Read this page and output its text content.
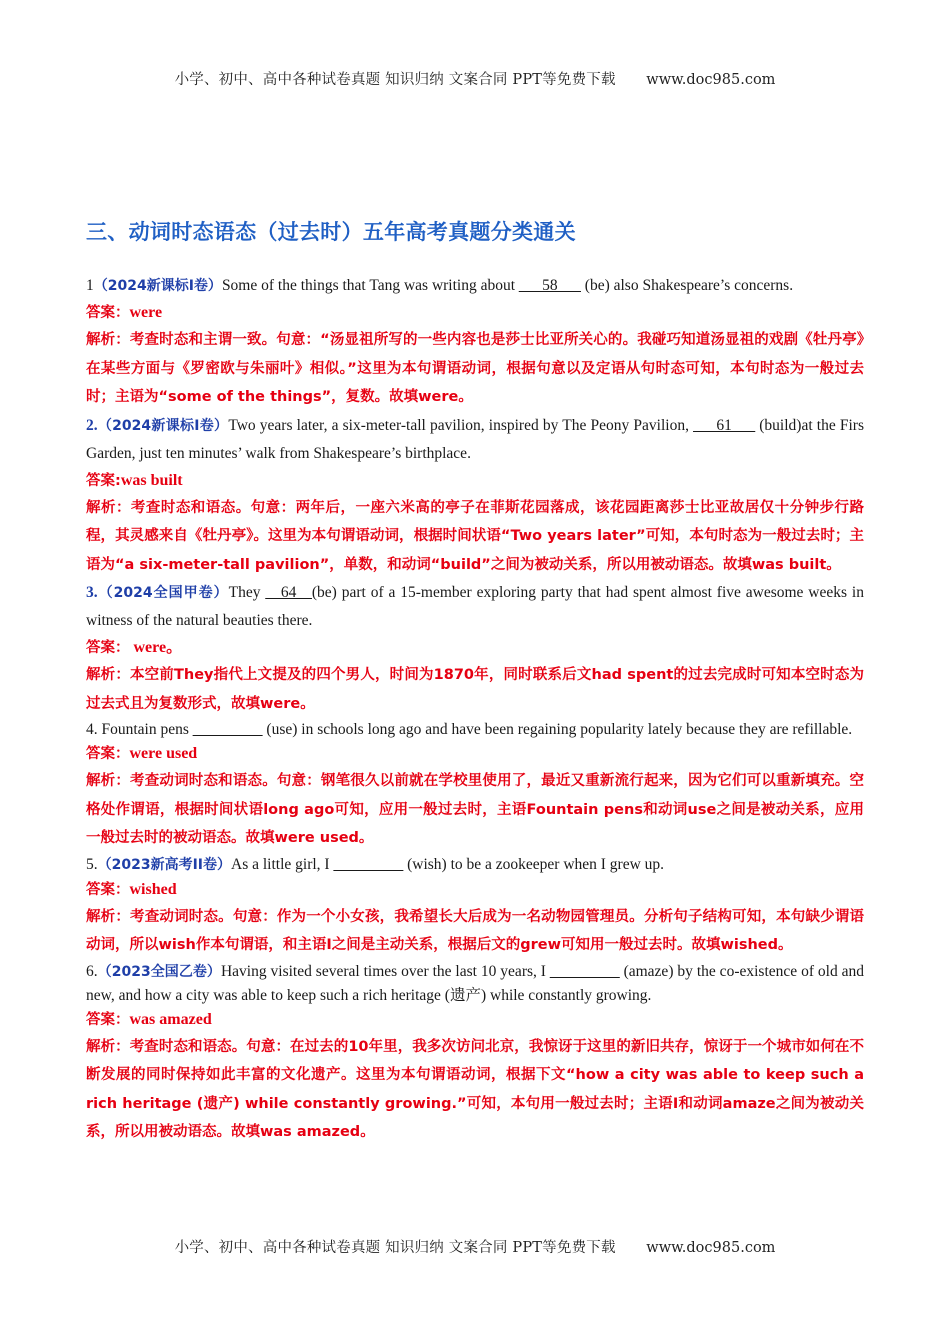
小学、初中、高中各种试卷真题 知识归纳 文案合同 PPT等免费下载 www.doc985.com
三、动词时态语态（过去时）五年高考真题分类通关

1（2024新课标I卷）Some of the things that Tang was writing about ___58___ (be) also Shakespeare’s concerns.

答案：were

解析：考查时态和主谓一致。句意：“汤显祖所写的一些内容也是莎士比亚所关心的。我碰巧知道汤显祖的戏剧《牡丹亭》在某些方面与《罗密欧与朱丽叶》相似。”这里为本句谓语动词，根据句意以及定语从句时态可知，本句时态为一般过去时；主语为“some of the things”，复数。故填were。

2.（2024新课标I卷）Two years later, a six-meter-tall pavilion, inspired by The Peony Pavilion, ___61___ (build)at the Firs Garden, just ten minutes’ walk from Shakespeare’s birthplace.

答案:was built

解析：考查时态和语态。句意：两年后，一座六米高的亭子在菲斯花园落成，该花园距离莎士比亚故居仅十分钟步行路程，其灵感来自《牡丹亭》。这里为本句谓语动词，根据时间状语“Two years later”可知，本句时态为一般过去时；主语为“a six-meter-tall pavilion”，单数，和动词“build”之间为被动关系，所以用被动语态。故填was built。

3.（2024全国甲卷）They __64__(be) part of a 15-member exploring party that had spent almost five awesome weeks in witness of the natural beauties there.

答案： were。

解析：本空前They指代上文提及的四个男人，时间为1870年，同时联系后文had spent的过去完成时可知本空时态为过去式且为复数形式，故填were。

4. Fountain pens _________ (use) in schools long ago and have been regaining popularity lately because they are refillable.

答案：were used

解析：考查动词时态和语态。句意：钢笔很久以前就在学校里使用了，最近又重新流行起来，因为它们可以重新填充。空格处作谓语，根据时间状语long ago可知，应用一般过去时，主语Fountain pens和动词use之间是被动关系，应用一般过去时的被动语态。故填were used。

5.（2023新高考II卷）As a little girl, I _________ (wish) to be a zookeeper when I grew up.

答案：wished

解析：考查动词时态。句意：作为一个小女孩，我希望长大后成为一名动物园管理员。分析句子结构可知，本句缺少谓语动词，所以wish作本句谓语，和主语I之间是主动关系，根据后文的grew可知用一般过去时。故填wished。

6.（2023全国乙卷）Having visited several times over the last 10 years, I _________ (amaze) by the co-existence of old and new, and how a city was able to keep such a rich heritage (遗产) while constantly growing.

答案：was amazed

解析：考查时态和语态。句意：在过去的10年里，我多次访问北京，我惊讶于这里的新旧共存，惊讶于一个城市如何在不断发展的同时保持如此丰富的文化遗产。这里为本句谓语动词，根据下文“how a city was able to keep such a rich heritage (遗产) while constantly growing.”可知，本句用一般过去时；主语I和动词amaze之间为被动关系，所以用被动语态。故填was amazed。

小学、初中、高中各种试卷真题 知识归纳 文案合同 PPT等免费下载 www.doc985.com
